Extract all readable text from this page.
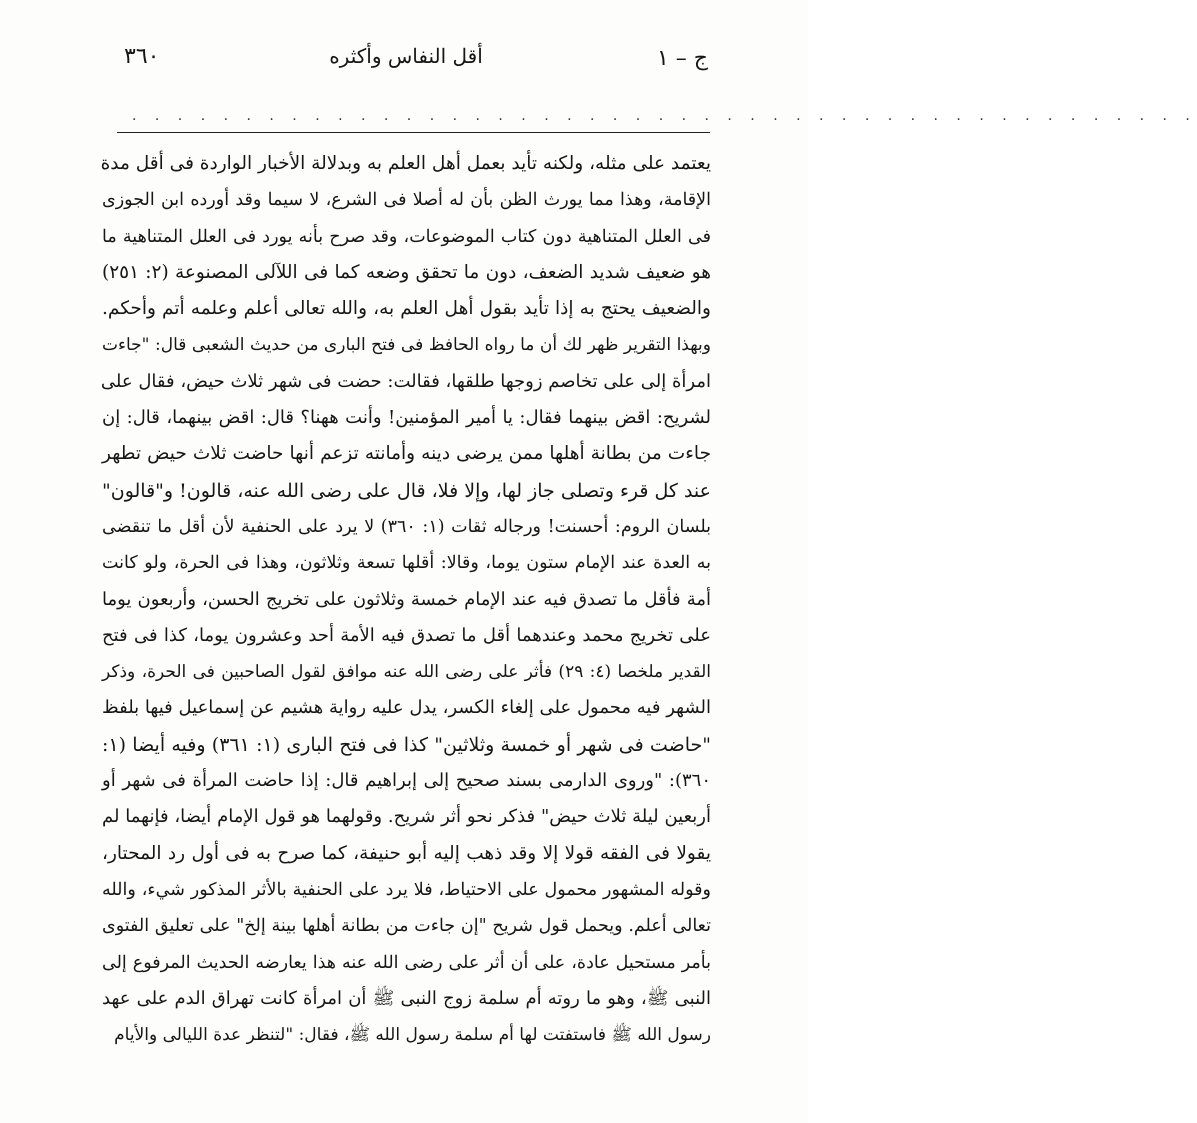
٣٦٠	أقل النفاس وأكثره	ج – ١
. . . . . . . . . . . . . . . . . . . . . . . . . . . . . . . . . . . . . . . . . . . . . . .
يعتمد على مثله، ولكنه تأيد بعمل أهل العلم به وبدلالة الأخبار الواردة فى أقل مدة
الإقامة، وهذا مما يورث الظن بأن له أصلا فى الشرع، لا سيما وقد أورده ابن الجوزى
فى العلل المتناهية دون كتاب الموضوعات، وقد صرح بأنه يورد فى العلل المتناهية ما
هو ضعيف شديد الضعف، دون ما تحقق وضعه كما فى اللآلى المصنوعة (٢: ٢٥١)
والضعيف يحتج به إذا تأيد بقول أهل العلم به، والله تعالى أعلم وعلمه أتم وأحكم.
وبهذا التقرير ظهر لك أن ما رواه الحافظ فى فتح البارى من حديث الشعبى قال: "جاءت
امرأة إلى على تخاصم زوجها طلقها، فقالت: حضت فى شهر ثلاث حيض، فقال على
لشريح: اقض بينهما فقال: يا أمير المؤمنين! وأنت ههنا؟ قال: اقض بينهما، قال: إن
جاءت من بطانة أهلها ممن يرضى دينه وأمانته تزعم أنها حاضت ثلاث حيض تطهر
عند كل قرء وتصلى جاز لها، وإلا فلا، قال على رضى الله عنه، قالون! و"قالون"
بلسان الروم: أحسنت! ورجاله ثقات (١: ٣٦٠) لا يرد على الحنفية لأن أقل ما تنقضى
به العدة عند الإمام ستون يوما، وقالا: أقلها تسعة وثلاثون، وهذا فى الحرة، ولو كانت
أمة فأقل ما تصدق فيه عند الإمام خمسة وثلاثون على تخريج الحسن، وأربعون يوما
على تخريج محمد وعندهما أقل ما تصدق فيه الأمة أحد وعشرون يوما، كذا فى فتح
القدير ملخصا (٤: ٢٩) فأثر على رضى الله عنه موافق لقول الصاحبين فى الحرة، وذكر
الشهر فيه محمول على إلغاء الكسر، يدل عليه رواية هشيم عن إسماعيل فيها بلفظ
"حاضت فى شهر أو خمسة وثلاثين" كذا فى فتح البارى (١: ٣٦١) وفيه أيضا (١:
٣٦٠): "وروى الدارمى بسند صحيح إلى إبراهيم قال: إذا حاضت المرأة فى شهر أو
أربعين ليلة ثلاث حيض" فذكر نحو أثر شريح. وقولهما هو قول الإمام أيضا، فإنهما لم
يقولا فى الفقه قولا إلا وقد ذهب إليه أبو حنيفة، كما صرح به فى أول رد المحتار،
وقوله المشهور محمول على الاحتياط، فلا يرد على الحنفية بالأثر المذكور شيء، والله
تعالى أعلم. ويحمل قول شريح "إن جاءت من بطانة أهلها بينة إلخ" على تعليق الفتوى
بأمر مستحيل عادة، على أن أثر على رضى الله عنه هذا يعارضه الحديث المرفوع إلى
النبى ﷺ، وهو ما روته أم سلمة زوج النبى ﷺ أن امرأة كانت تهراق الدم على عهد
رسول الله ﷺ فاستفتت لها أم سلمة رسول الله ﷺ، فقال: "لتنظر عدة الليالى والأيام
